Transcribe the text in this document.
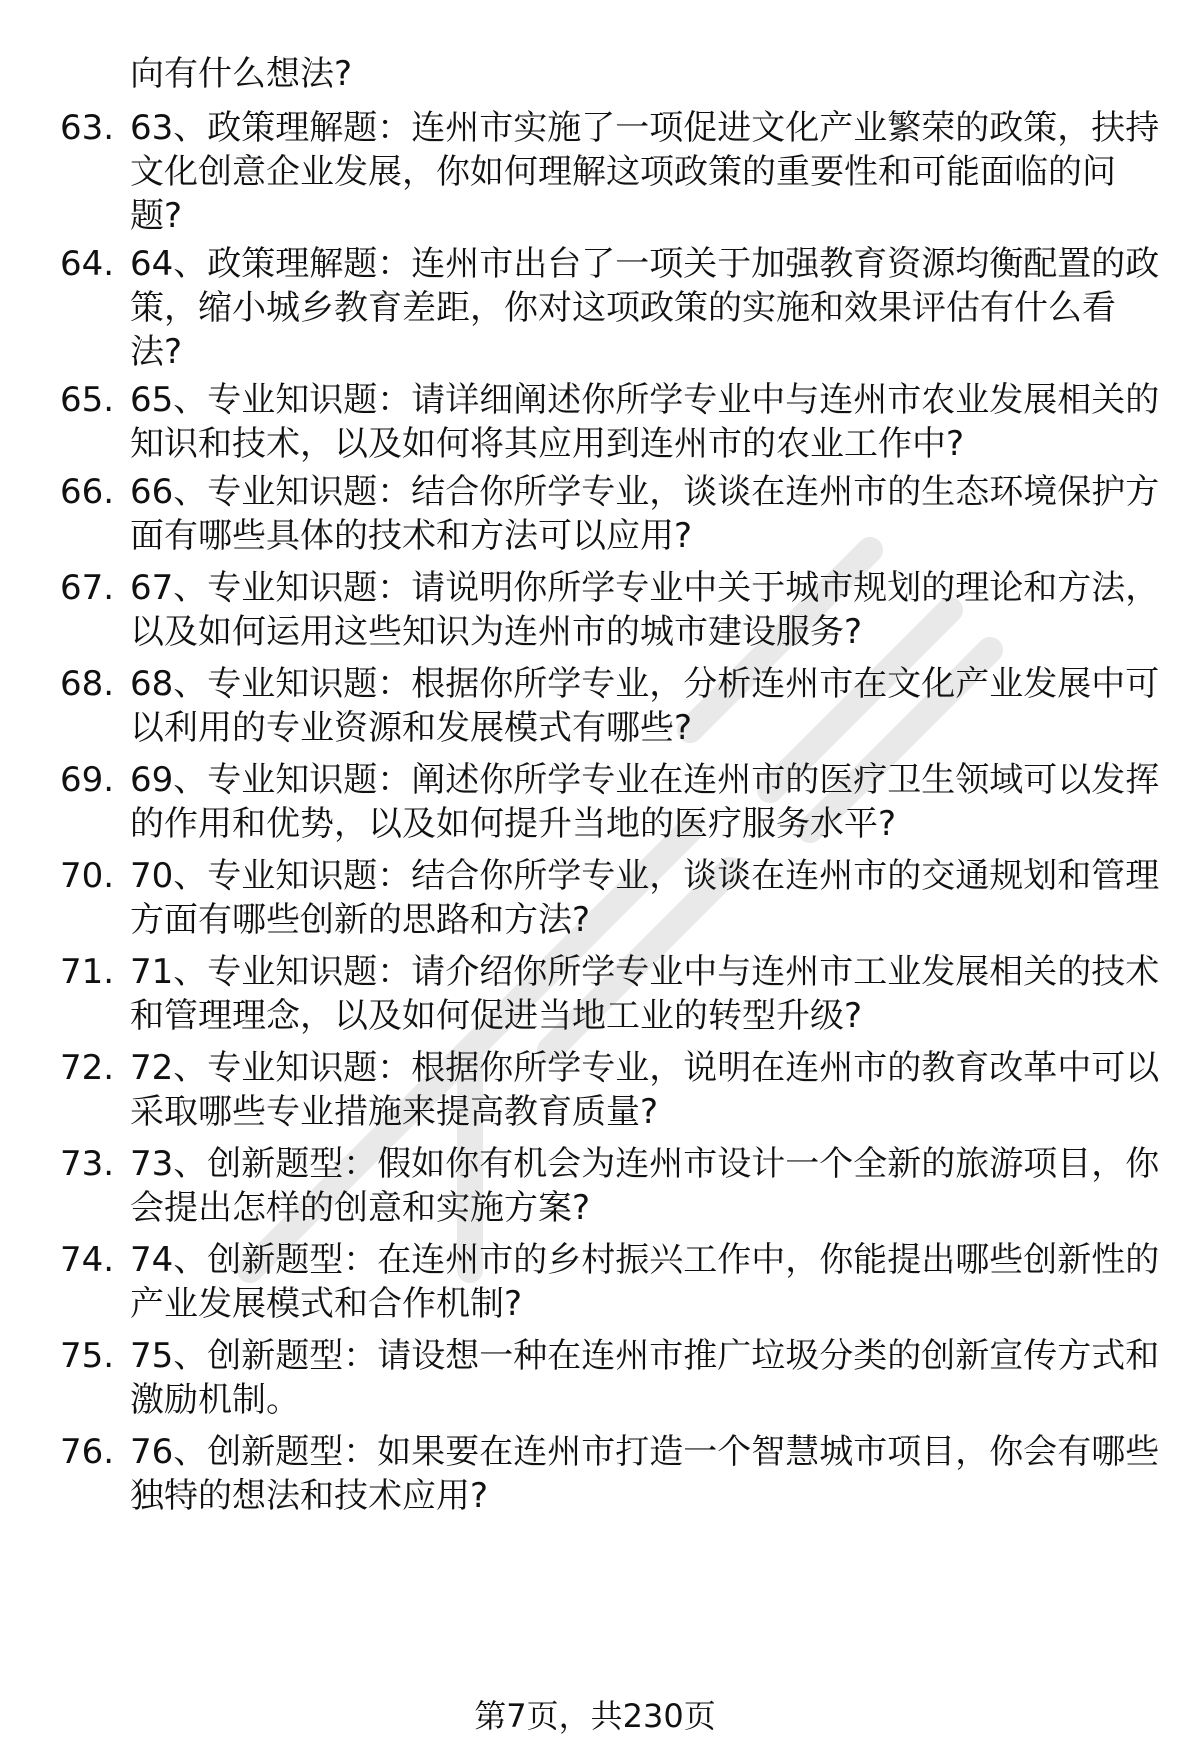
向有什么想法?
63. 63、政策理解题：连州市实施了一项促进文化产业繁荣的政策，扶持文化创意企业发展，你如何理解这项政策的重要性和可能面临的问题?
64. 64、政策理解题：连州市出台了一项关于加强教育资源均衡配置的政策，缩小城乡教育差距，你对这项政策的实施和效果评估有什么看法?
65. 65、专业知识题：请详细阐述你所学专业中与连州市农业发展相关的知识和技术，以及如何将其应用到连州市的农业工作中?
66. 66、专业知识题：结合你所学专业，谈谈在连州市的生态环境保护方面有哪些具体的技术和方法可以应用?
67. 67、专业知识题：请说明你所学专业中关于城市规划的理论和方法，以及如何运用这些知识为连州市的城市建设服务?
68. 68、专业知识题：根据你所学专业，分析连州市在文化产业发展中可以利用的专业资源和发展模式有哪些?
69. 69、专业知识题：阐述你所学专业在连州市的医疗卫生领域可以发挥的作用和优势，以及如何提升当地的医疗服务水平?
70. 70、专业知识题：结合你所学专业，谈谈在连州市的交通规划和管理方面有哪些创新的思路和方法?
71. 71、专业知识题：请介绍你所学专业中与连州市工业发展相关的技术和管理理念，以及如何促进当地工业的转型升级?
72. 72、专业知识题：根据你所学专业，说明在连州市的教育改革中可以采取哪些专业措施来提高教育质量?
73. 73、创新题型：假如你有机会为连州市设计一个全新的旅游项目，你会提出怎样的创意和实施方案?
74. 74、创新题型：在连州市的乡村振兴工作中，你能提出哪些创新性的产业发展模式和合作机制?
75. 75、创新题型：请设想一种在连州市推广垃圾分类的创新宣传方式和激励机制。
76. 76、创新题型：如果要在连州市打造一个智慧城市项目，你会有哪些独特的想法和技术应用?
第7页，共230页
